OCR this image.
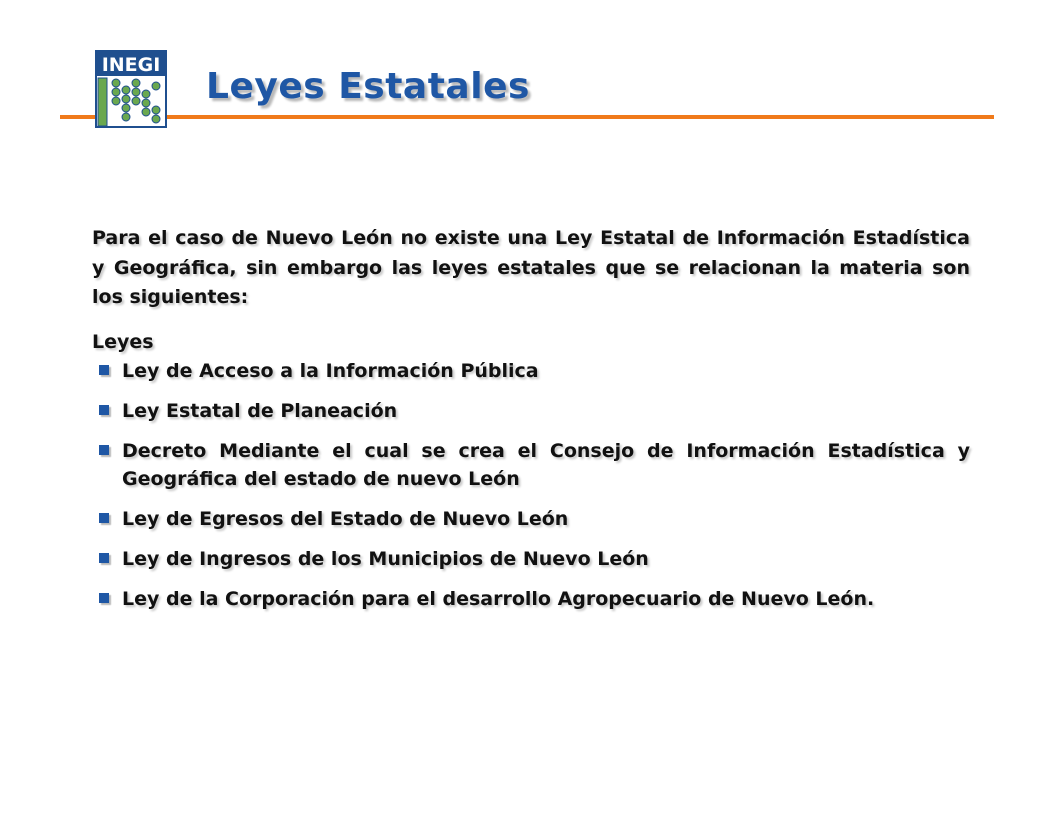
INEGI
Leyes Estatales

Para el caso de Nuevo León no existe una Ley Estatal de Información Estadística y Geográfica, sin embargo las leyes estatales que se relacionan la materia son los siguientes:

Leyes
Ley de Acceso a la Información Pública
Ley Estatal de Planeación
Decreto Mediante el cual se crea el Consejo de Información Estadística y Geográfica del estado de nuevo León
Ley de Egresos del Estado de Nuevo León
Ley de Ingresos de los Municipios de Nuevo León
Ley de la Corporación para el desarrollo Agropecuario de Nuevo León.
